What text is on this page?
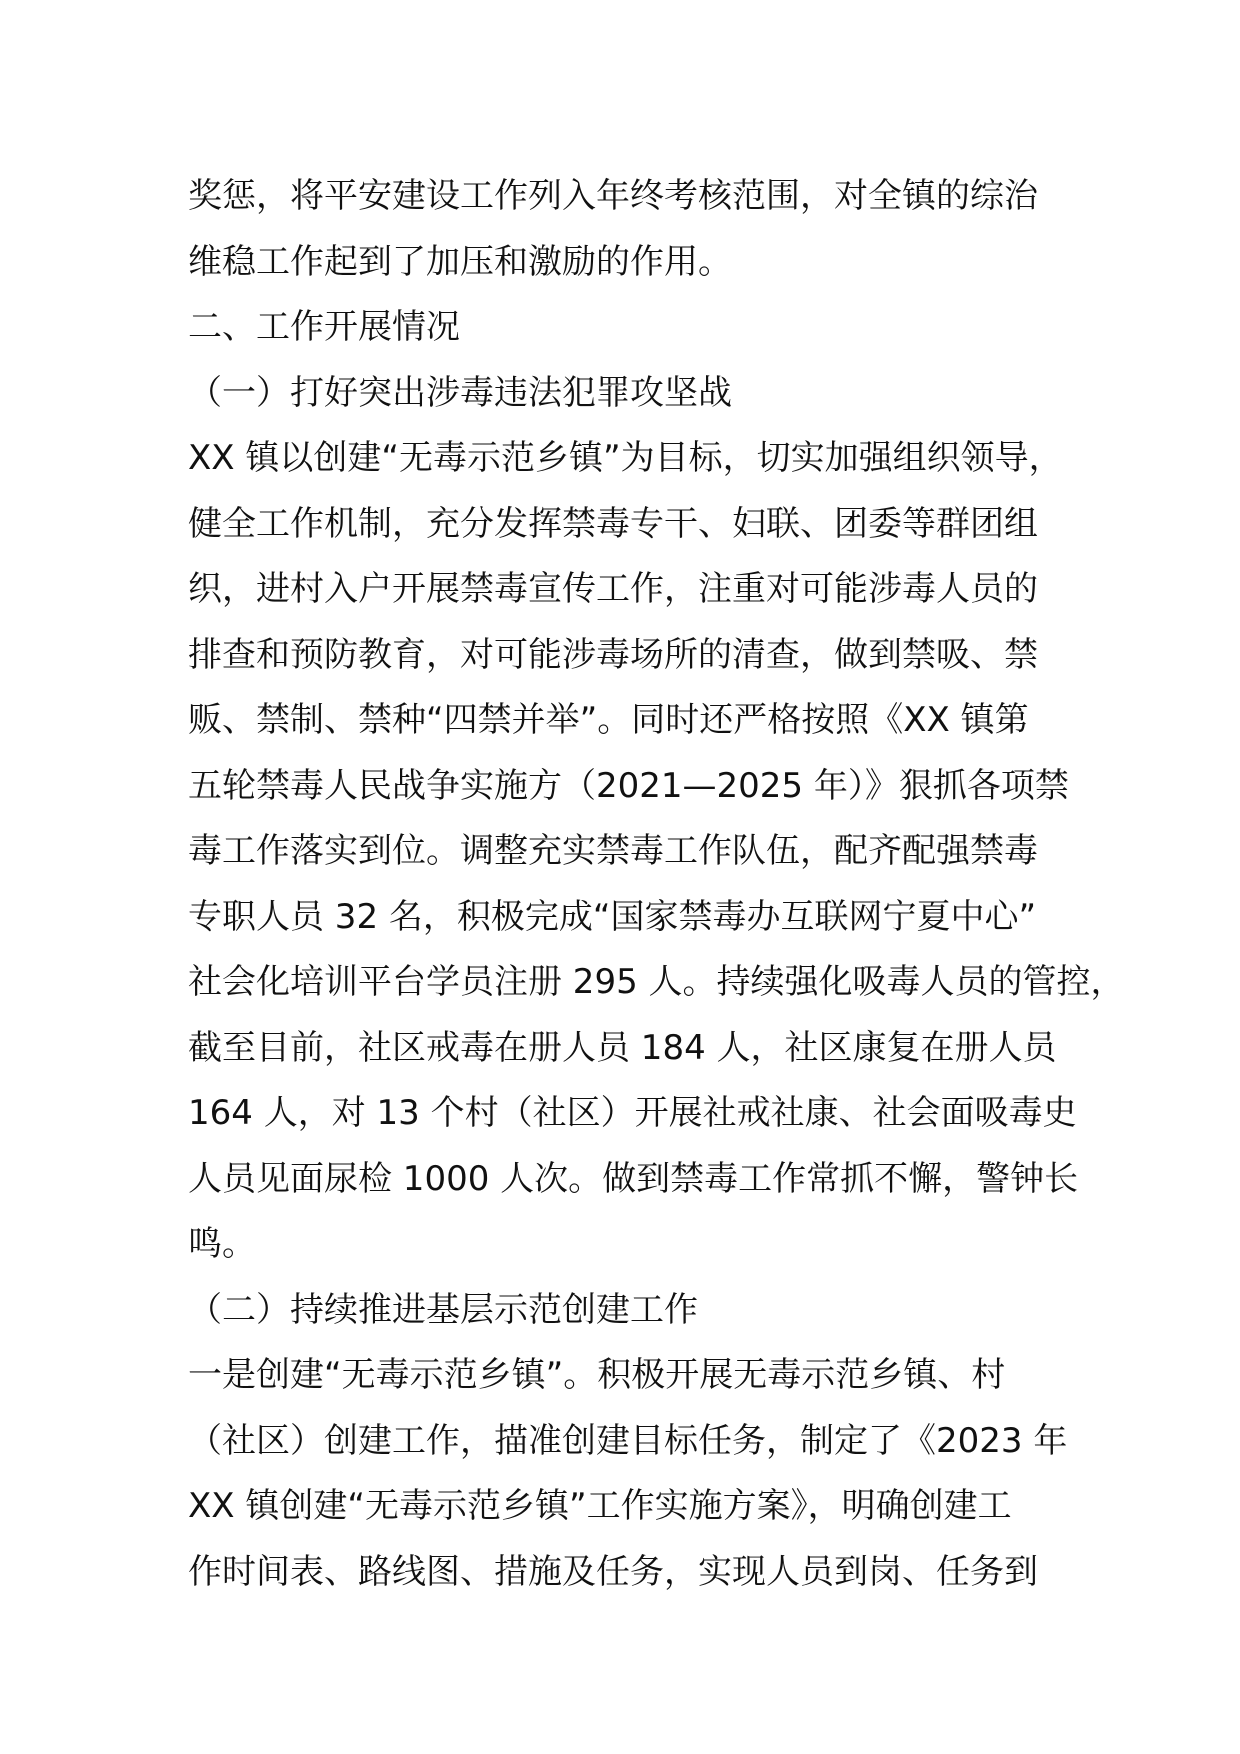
奖惩，将平安建设工作列入年终考核范围，对全镇的综治
维稳工作起到了加压和激励的作用。
二、工作开展情况
（一）打好突出涉毒违法犯罪攻坚战
XX 镇以创建“无毒示范乡镇”为目标，切实加强组织领导，
健全工作机制，充分发挥禁毒专干、妇联、团委等群团组
织，进村入户开展禁毒宣传工作，注重对可能涉毒人员的
排查和预防教育，对可能涉毒场所的清查，做到禁吸、禁
贩、禁制、禁种“四禁并举”。同时还严格按照《XX 镇第
五轮禁毒人民战争实施方（2021—2025 年）》狠抓各项禁
毒工作落实到位。调整充实禁毒工作队伍，配齐配强禁毒
专职人员 32 名，积极完成“国家禁毒办互联网宁夏中心”
社会化培训平台学员注册 295 人。持续强化吸毒人员的管控，
截至目前，社区戒毒在册人员 184 人，社区康复在册人员
164 人，对 13 个村（社区）开展社戒社康、社会面吸毒史
人员见面尿检 1000 人次。做到禁毒工作常抓不懈，警钟长
鸣。
（二）持续推进基层示范创建工作
一是创建“无毒示范乡镇”。积极开展无毒示范乡镇、村
（社区）创建工作，描准创建目标任务，制定了《2023 年
XX 镇创建“无毒示范乡镇”工作实施方案》，明确创建工
作时间表、路线图、措施及任务，实现人员到岗、任务到
